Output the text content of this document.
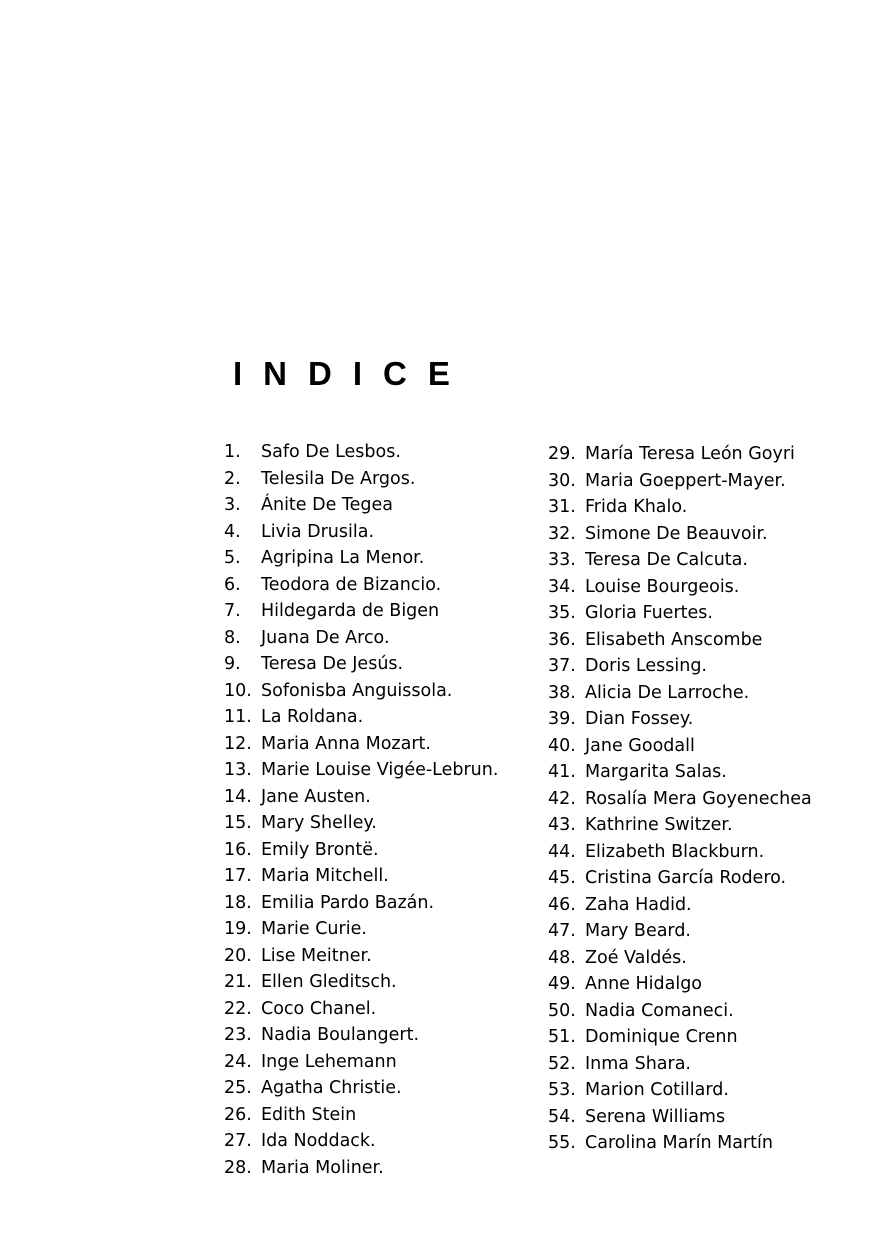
INDICE
1.	Safo De Lesbos.
2.	Telesila De Argos.
3.	Ánite De Tegea
4.	Livia Drusila.
5.	Agripina La Menor.
6.	Teodora de Bizancio.
7.	Hildegarda de Bigen
8.	Juana De Arco.
9.	Teresa De Jesús.
10. Sofonisba Anguissola.
11. La Roldana.
12. Maria Anna Mozart.
13. Marie Louise Vigée-Lebrun.
14. Jane Austen.
15. Mary Shelley.
16. Emily Brontë.
17. Maria Mitchell.
18. Emilia Pardo Bazán.
19. Marie Curie.
20. Lise Meitner.
21. Ellen Gleditsch.
22. Coco Chanel.
23. Nadia Boulangert.
24. Inge Lehemann
25. Agatha Christie.
26. Edith Stein
27. Ida Noddack.
28. Maria Moliner.
29. María Teresa León Goyri
30. Maria Goeppert-Mayer.
31. Frida Khalo.
32. Simone De Beauvoir.
33. Teresa De Calcuta.
34. Louise Bourgeois.
35. Gloria Fuertes.
36. Elisabeth Anscombe
37. Doris Lessing.
38. Alicia De Larroche.
39. Dian Fossey.
40. Jane Goodall
41. Margarita Salas.
42. Rosalía Mera Goyenechea
43. Kathrine Switzer.
44. Elizabeth Blackburn.
45. Cristina García Rodero.
46. Zaha Hadid.
47. Mary Beard.
48. Zoé Valdés.
49. Anne Hidalgo
50. Nadia Comaneci.
51. Dominique Crenn
52. Inma Shara.
53. Marion Cotillard.
54. Serena Williams
55. Carolina Marín Martín
